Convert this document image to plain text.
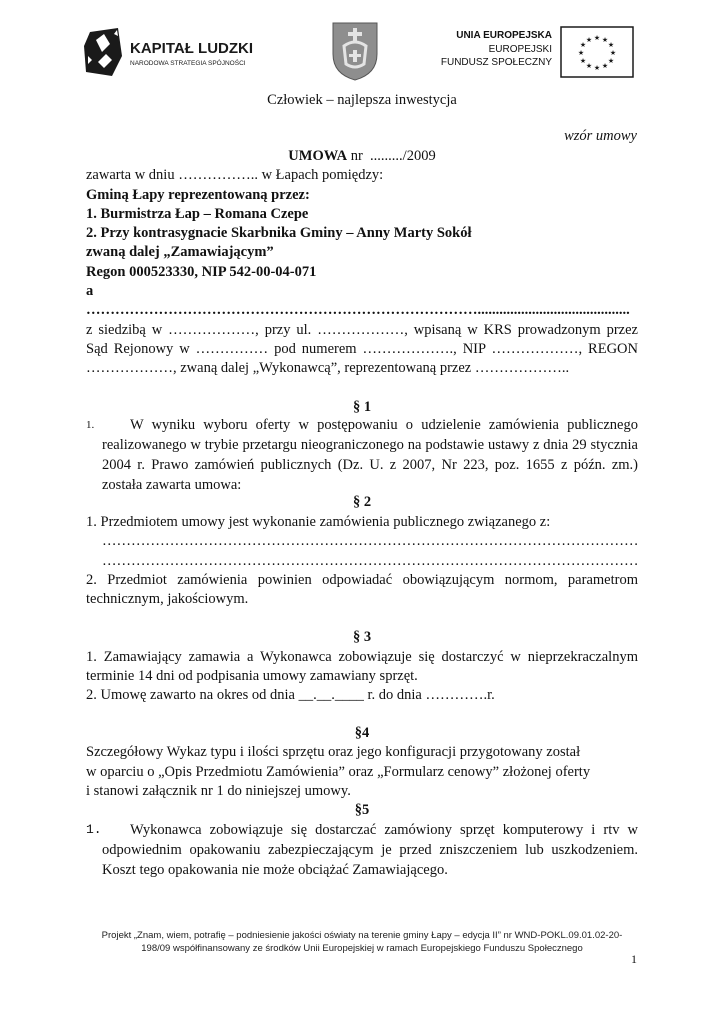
KAPITAŁ LUDZKI
NARODOWA STRATEGIA SPÓJNOŚCI
UNIA EUROPEJSKA
EUROPEJSKI
FUNDUSZ SPOŁECZNY
★ ★
★
★
★
★
★
★
★
★
★
★
Człowiek – najlepsza inwestycja
wzór umowy
UMOWA nr  ........./2009
zawarta w dniu …………….. w Łapach pomiędzy:
Gminą Łapy reprezentowaną przez:
1. Burmistrza Łap – Romana Czepe
2. Przy kontrasygnacie Skarbnika Gminy – Anny Marty Sokół
zwaną dalej „Zamawiającym”
Regon 000523330, NIP 542-00-04-071
a
………………………………………………………………………..........................................
z siedzibą w ………………, przy ul. ………………, wpisaną w KRS prowadzonym przez
Sąd Rejonowy w …………… pod numerem ………………., NIP ………………, REGON
………………, zwaną dalej „Wykonawcą”, reprezentowaną przez ………………..
§ 1
1.	W wyniku wyboru oferty w postępowaniu o udzielenie zamówienia publicznego realizowanego w trybie przetargu nieograniczonego na podstawie ustawy z dnia 29 stycznia 2004 r. Prawo zamówień publicznych (Dz. U. z 2007, Nr 223, poz. 1655 z późn. zm.) została zawarta umowa:
§ 2
1. Przedmiotem umowy jest wykonanie zamówienia publicznego związanego z:
…………………………………………………………………………………………………
…………………………………………………………………………………………………
2. Przedmiot zamówienia powinien odpowiadać obowiązującym normom, parametrom
technicznym, jakościowym.
§ 3
1. Zamawiający zamawia a Wykonawca zobowiązuje się dostarczyć w nieprzekraczalnym
terminie 14 dni od podpisania umowy zamawiany sprzęt.
2. Umowę zawarto na okres od dnia __.__.____ r. do dnia ………….r.
§4
Szczegółowy Wykaz typu i ilości sprzętu oraz jego konfiguracji przygotowany został
w oparciu o „Opis Przedmiotu Zamówienia” oraz „Formularz cenowy” złożonej oferty
i stanowi załącznik nr 1 do niniejszej umowy.
§5
1.	Wykonawca zobowiązuje się dostarczać zamówiony sprzęt komputerowy i rtv w odpowiednim opakowaniu zabezpieczającym je przed zniszczeniem lub uszkodzeniem. Koszt tego opakowania nie może obciążać Zamawiającego.
Projekt „Znam, wiem, potrafię – podniesienie jakości oświaty na terenie gminy Łapy – edycja II” nr WND-POKL.09.01.02-20-
198/09 współfinansowany ze środków Unii Europejskiej w ramach Europejskiego Funduszu Społecznego
1
